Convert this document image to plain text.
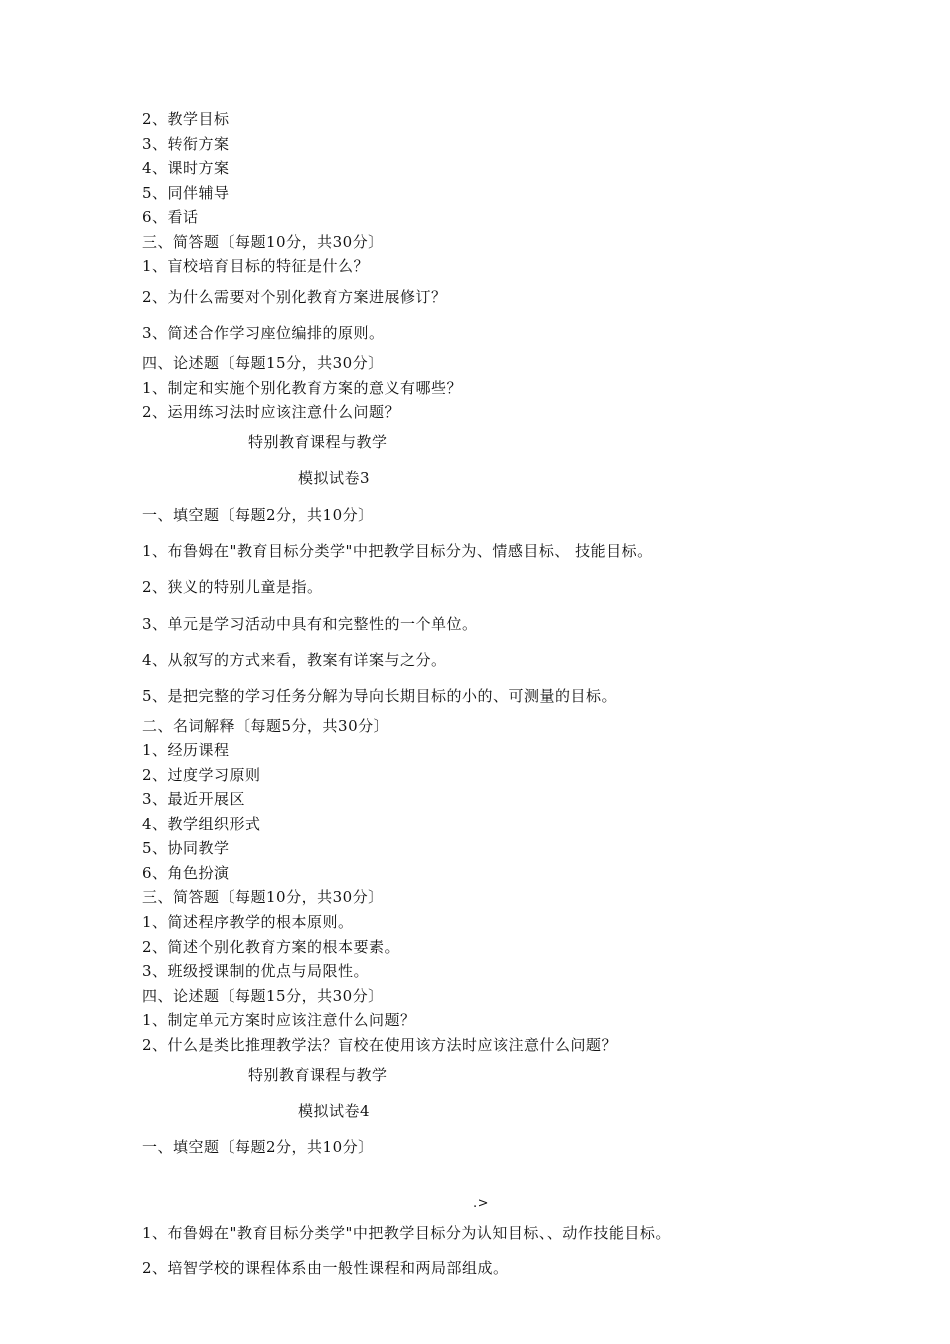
2、教学目标
3、转衔方案
4、课时方案
5、同伴辅导
6、看话
三、简答题〔每题10分，共30分〕
1、盲校培育目标的特征是什么？
2、为什么需要对个别化教育方案进展修订？
3、简述合作学习座位编排的原则。
四、论述题〔每题15分，共30分〕
1、制定和实施个别化教育方案的意义有哪些？
2、运用练习法时应该注意什么问题？
特别教育课程与教学
模拟试卷3
一、填空题〔每题2分，共10分〕
1、布鲁姆在"教育目标分类学"中把教学目标分为、情感目标、 技能目标。
2、狭义的特别儿童是指。
3、单元是学习活动中具有和完整性的一个单位。
4、从叙写的方式来看，教案有详案与之分。
5、是把完整的学习任务分解为导向长期目标的小的、可测量的目标。
二、名词解释〔每题5分，共30分〕
1、经历课程
2、过度学习原则
3、最近开展区
4、教学组织形式
5、协同教学
6、角色扮演
三、简答题〔每题10分，共30分〕
1、简述程序教学的根本原则。
2、简述个别化教育方案的根本要素。
3、班级授课制的优点与局限性。
四、论述题〔每题15分，共30分〕
1、制定单元方案时应该注意什么问题？
2、什么是类比推理教学法？盲校在使用该方法时应该注意什么问题？
特别教育课程与教学
模拟试卷4
一、填空题〔每题2分，共10分〕
.>
1、布鲁姆在"教育目标分类学"中把教学目标分为认知目标、、动作技能目标。
2、培智学校的课程体系由一般性课程和两局部组成。
